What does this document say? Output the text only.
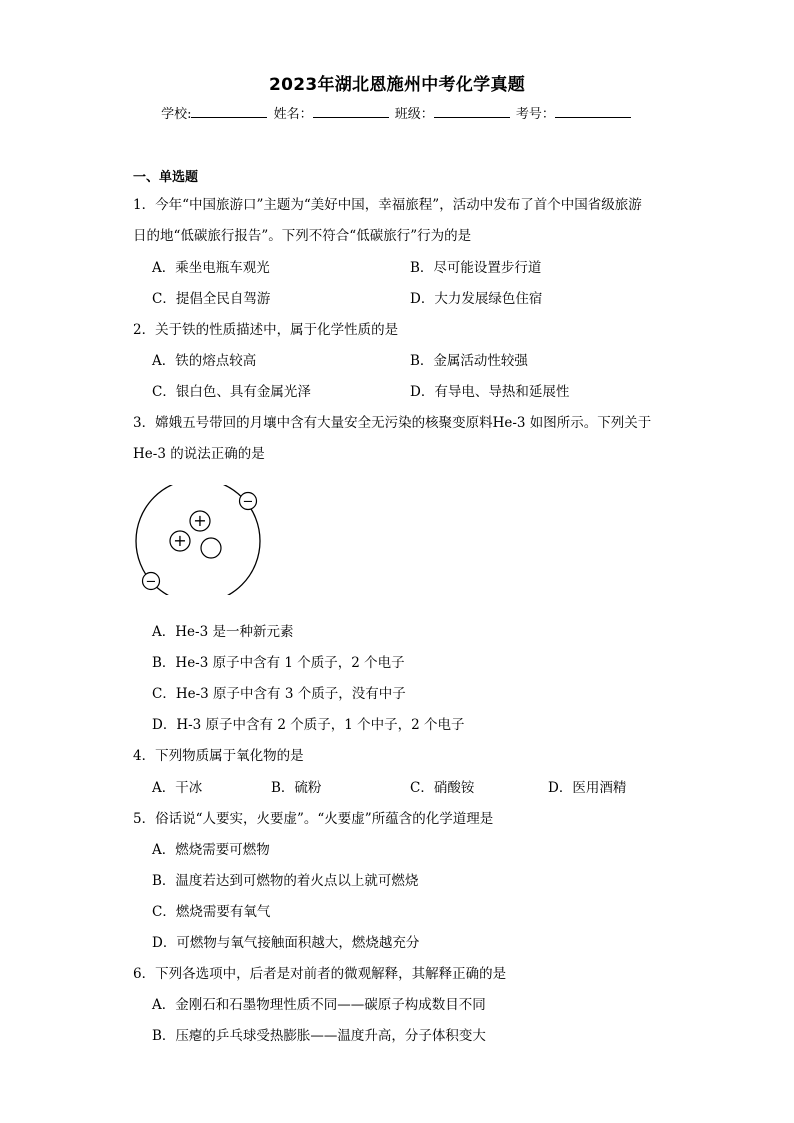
2023年湖北恩施州中考化学真题
学校:	姓名：	班级：	考号：
一、单选题
1．今年“中国旅游口”主题为“美好中国，幸福旅程”，活动中发布了首个中国省级旅游
日的地“低碳旅行报告”。下列不符合“低碳旅行”行为的是
A．乘坐电瓶车观光	B．尽可能设置步行道
C．提倡全民自驾游	D．大力发展绿色住宿
2．关于铁的性质描述中，属于化学性质的是
A．铁的熔点较高	B．金属活动性较强
C．银白色、具有金属光泽	D．有导电、导热和延展性
3．嫦娥五号带回的月壤中含有大量安全无污染的核聚变原料He-3 如图所示。下列关于
He-3 的说法正确的是
−
−
+
+
A．He-3 是一种新元素
B．He-3 原子中含有 1 个质子，2 个电子
C．He-3 原子中含有 3 个质子，没有中子
D．H-3 原子中含有 2 个质子，1 个中子，2 个电子
4．下列物质属于氧化物的是
A．干冰	B．硫粉	C．硝酸铵	D．医用酒精
5．俗话说“人要实，火要虚”。“火要虚”所蕴含的化学道理是
A．燃烧需要可燃物
B．温度若达到可燃物的着火点以上就可燃烧
C．燃烧需要有氧气
D．可燃物与氧气接触面积越大，燃烧越充分
6．下列各选项中，后者是对前者的微观解释，其解释正确的是
A．金刚石和石墨物理性质不同——碳原子构成数目不同
B．压瘪的乒乓球受热膨胀——温度升高，分子体积变大
